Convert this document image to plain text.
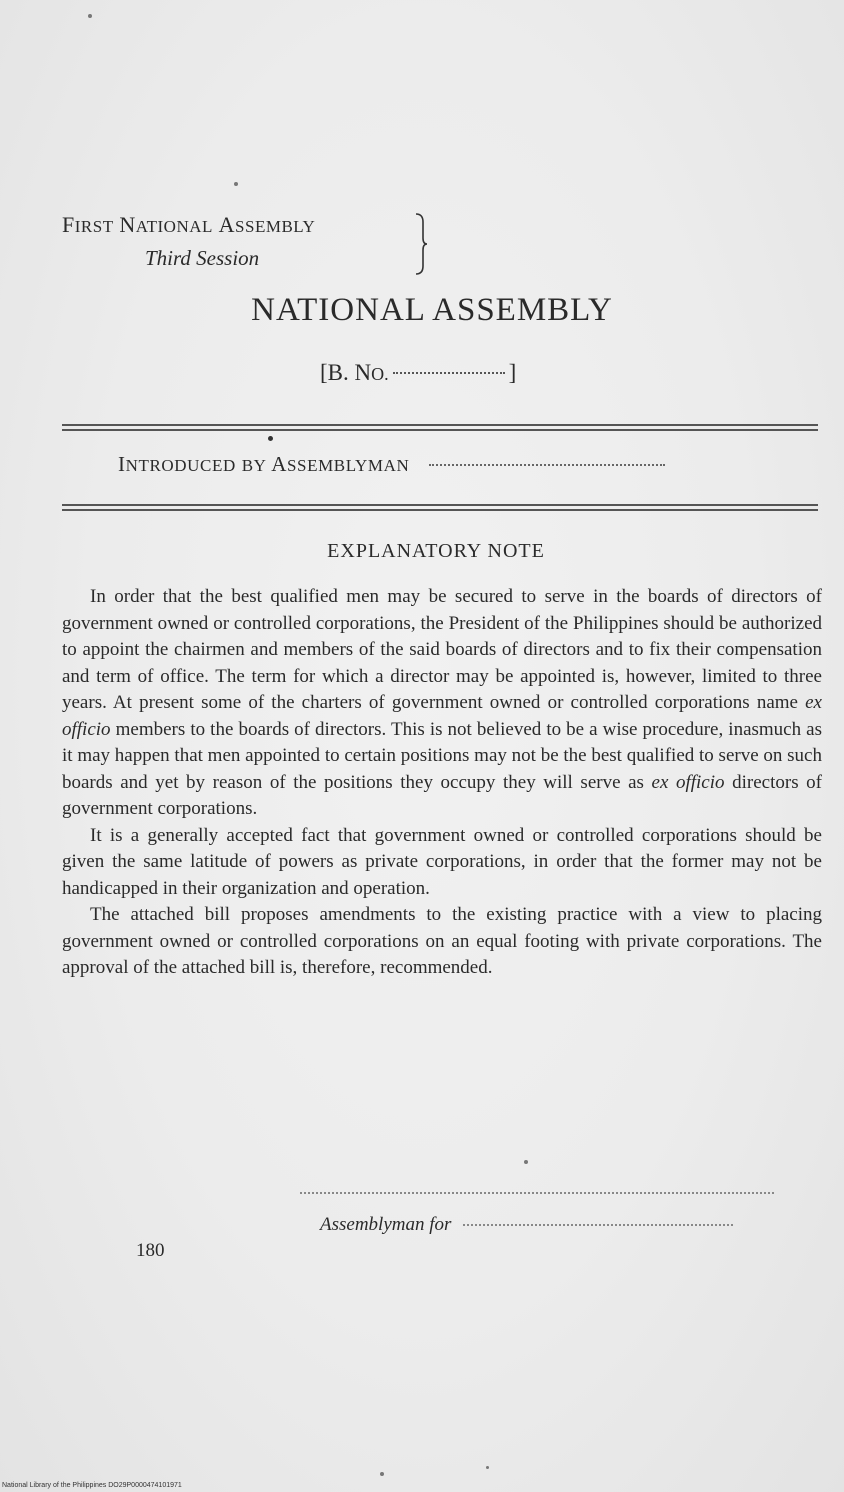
FIRST NATIONAL ASSEMBLY
Third Session
NATIONAL ASSEMBLY
[B. NO.	]
INTRODUCED BY ASSEMBLYMAN
EXPLANATORY NOTE

In order that the best qualified men may be secured to serve in the boards of directors of government owned or controlled corporations, the President of the Philippines should be authorized to appoint the chairmen and members of the said boards of directors and to fix their compensation and term of office. The term for which a director may be appointed is, however, limited to three years. At present some of the charters of government owned or controlled corporations name ex officio members to the boards of directors. This is not believed to be a wise procedure, inasmuch as it may happen that men appointed to certain positions may not be the best qualified to serve on such boards and yet by reason of the positions they occupy they will serve as ex officio directors of government corporations.

It is a generally accepted fact that government owned or controlled corporations should be given the same latitude of powers as private corporations, in order that the former may not be handicapped in their organization and operation.

The attached bill proposes amendments to the existing practice with a view to placing government owned or controlled corporations on an equal footing with private corporations. The approval of the attached bill is, therefore, recommended.

Assemblyman for
180
National Library of the Philippines DO29P0000474101971
